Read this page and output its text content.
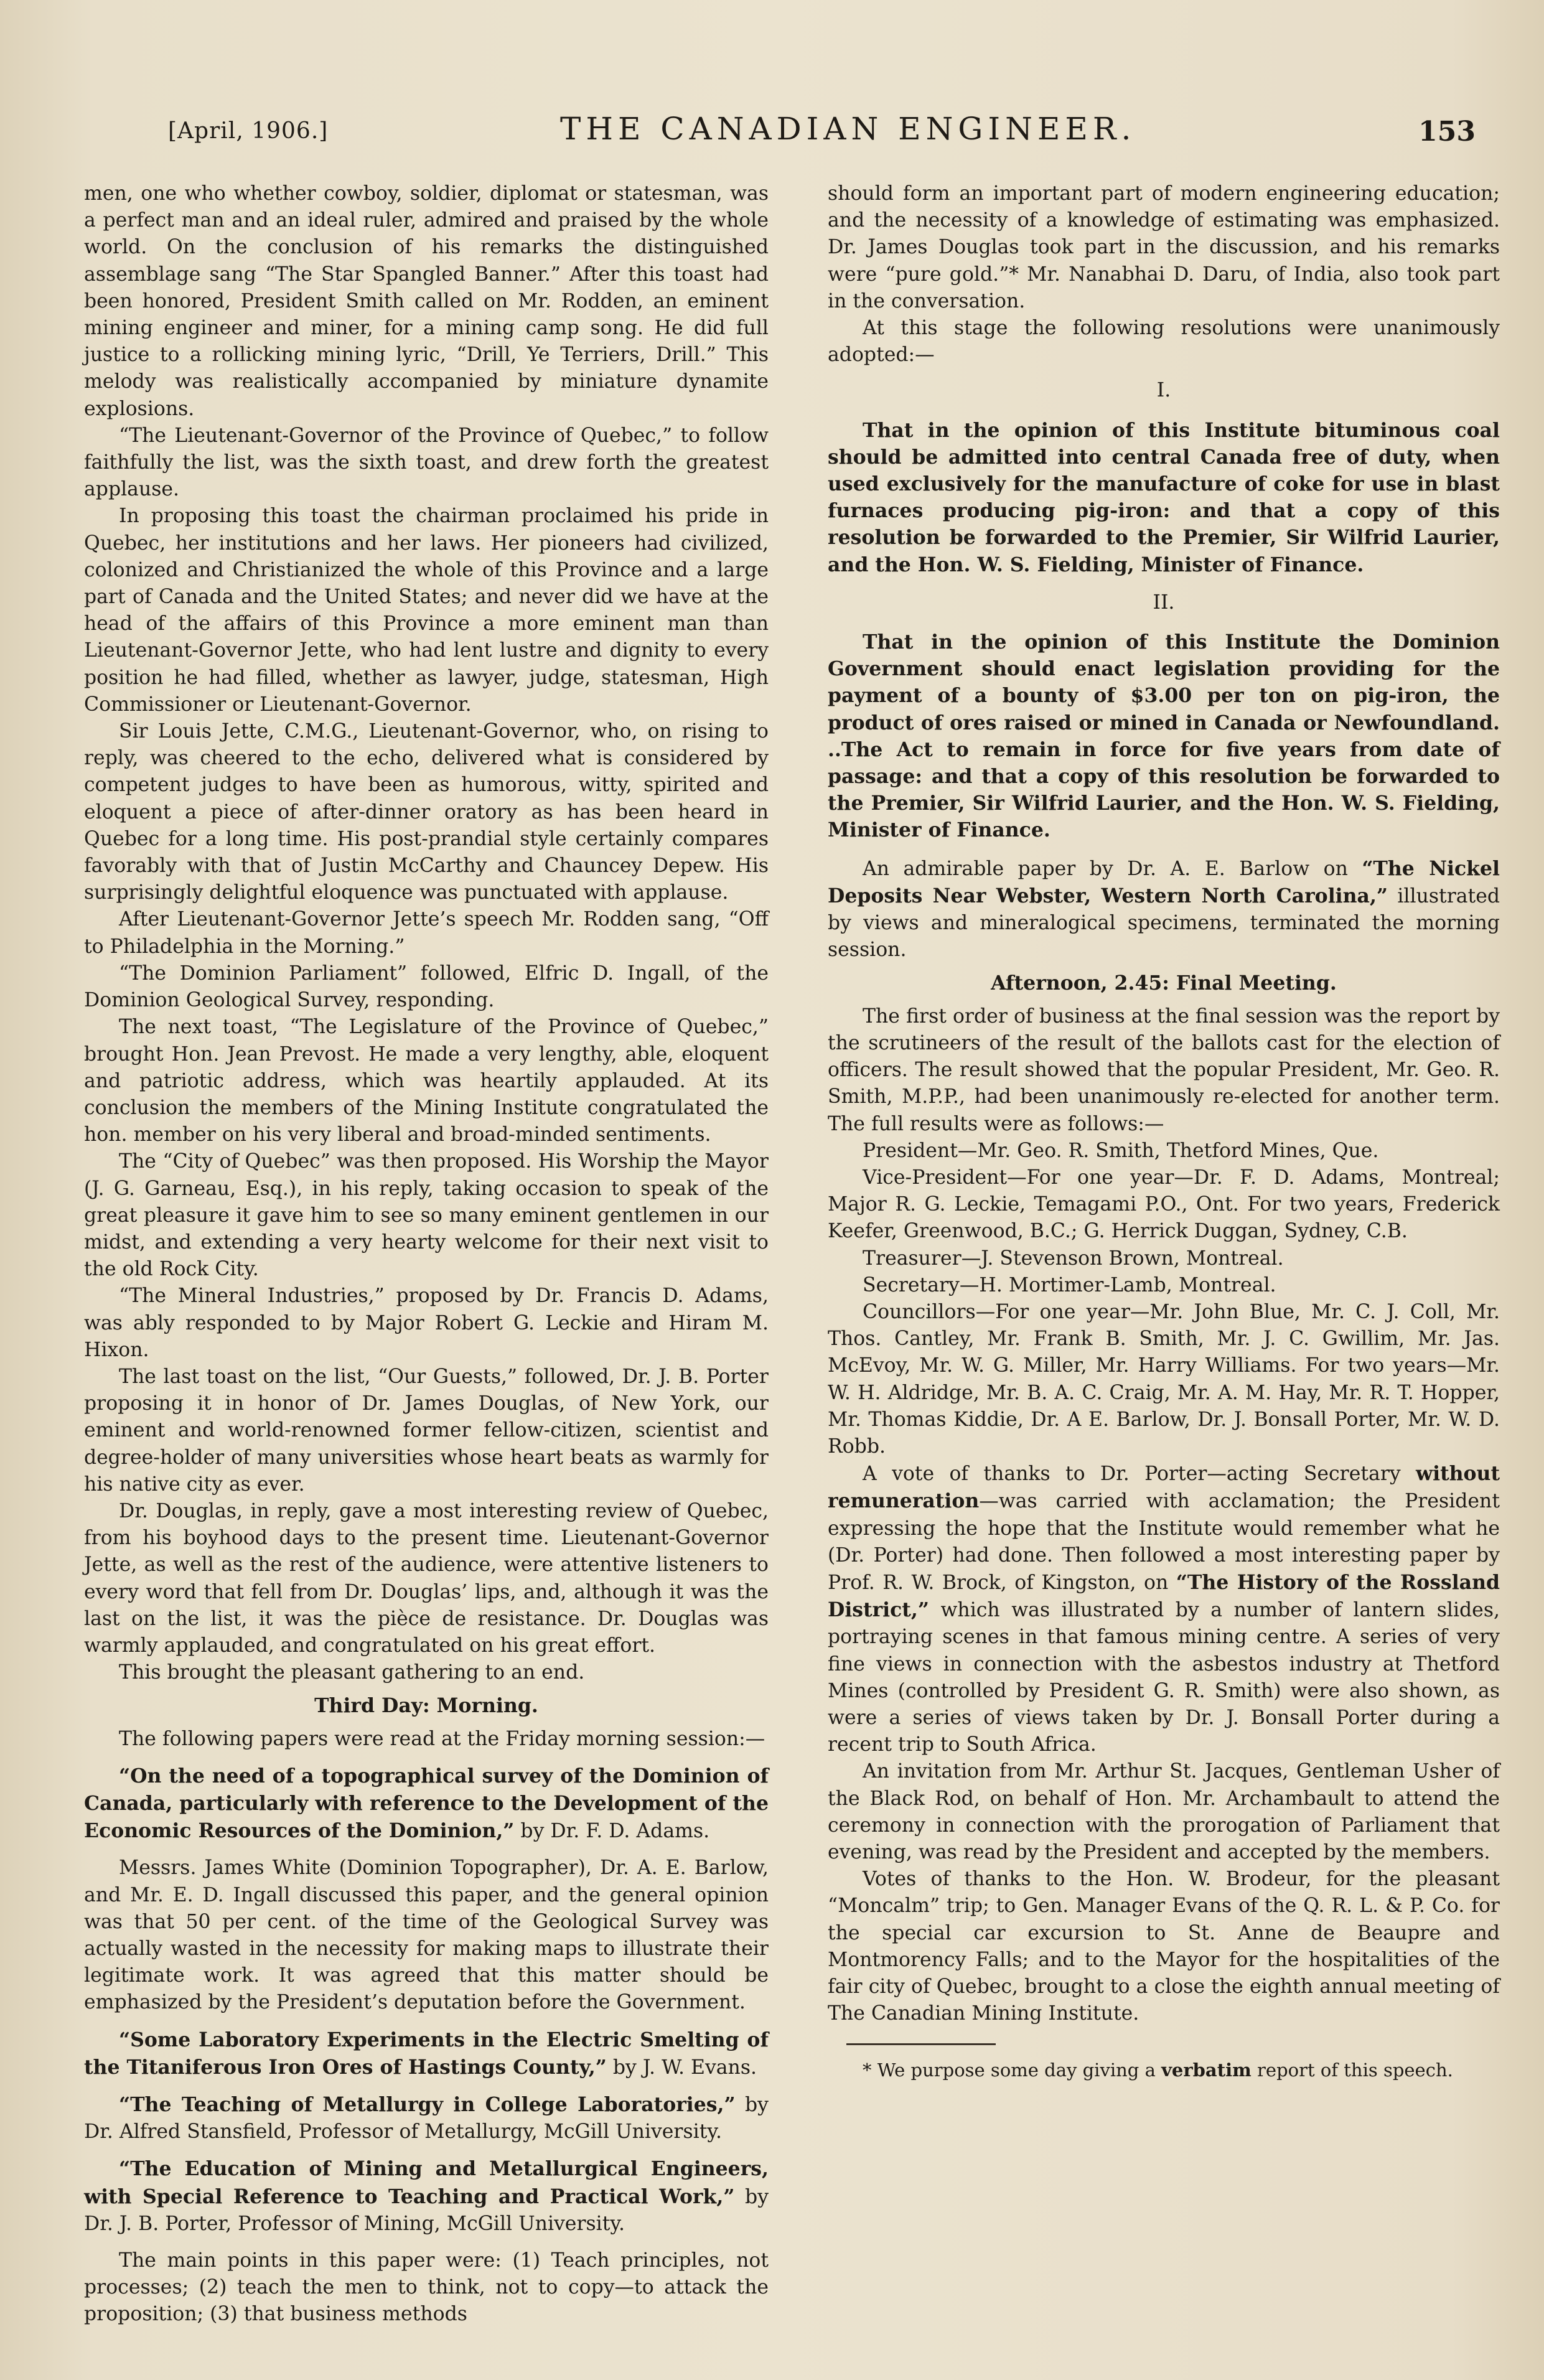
[April, 1906.]	THE CANADIAN ENGINEER.	153

men, one who whether cowboy, soldier, diplomat or statesman, was a perfect man and an ideal ruler, admired and praised by the whole world. On the conclusion of his remarks the distinguished assemblage sang “The Star Spangled Banner.” After this toast had been honored, President Smith called on Mr. Rodden, an eminent mining engineer and miner, for a mining camp song. He did full justice to a rollicking mining lyric, “Drill, Ye Terriers, Drill.” This melody was realistically accompanied by miniature dynamite explosions.

“The Lieutenant-Governor of the Province of Quebec,” to follow faithfully the list, was the sixth toast, and drew forth the greatest applause.

In proposing this toast the chairman proclaimed his pride in Quebec, her institutions and her laws. Her pioneers had civilized, colonized and Christianized the whole of this Province and a large part of Canada and the United States; and never did we have at the head of the affairs of this Province a more eminent man than Lieutenant-Governor Jette, who had lent lustre and dignity to every position he had filled, whether as lawyer, judge, statesman, High Commissioner or Lieutenant-Governor.

Sir Louis Jette, C.M.G., Lieutenant-Governor, who, on rising to reply, was cheered to the echo, delivered what is considered by competent judges to have been as humorous, witty, spirited and eloquent a piece of after-dinner oratory as has been heard in Quebec for a long time. His post-prandial style certainly compares favorably with that of Justin McCarthy and Chauncey Depew. His surprisingly delightful eloquence was punctuated with applause.

After Lieutenant-Governor Jette’s speech Mr. Rodden sang, “Off to Philadelphia in the Morning.”

“The Dominion Parliament” followed, Elfric D. Ingall, of the Dominion Geological Survey, responding.

The next toast, “The Legislature of the Province of Quebec,” brought Hon. Jean Prevost. He made a very lengthy, able, eloquent and patriotic address, which was heartily applauded. At its conclusion the members of the Mining Institute congratulated the hon. member on his very liberal and broad-minded sentiments.

The “City of Quebec” was then proposed. His Worship the Mayor (J. G. Garneau, Esq.), in his reply, taking occasion to speak of the great pleasure it gave him to see so many eminent gentlemen in our midst, and extending a very hearty welcome for their next visit to the old Rock City.

“The Mineral Industries,” proposed by Dr. Francis D. Adams, was ably responded to by Major Robert G. Leckie and Hiram M. Hixon.

The last toast on the list, “Our Guests,” followed, Dr. J. B. Porter proposing it in honor of Dr. James Douglas, of New York, our eminent and world-renowned former fellow-citizen, scientist and degree-holder of many universities whose heart beats as warmly for his native city as ever.

Dr. Douglas, in reply, gave a most interesting review of Quebec, from his boyhood days to the present time. Lieutenant-Governor Jette, as well as the rest of the audience, were attentive listeners to every word that fell from Dr. Douglas’ lips, and, although it was the last on the list, it was the pièce de resistance. Dr. Douglas was warmly applauded, and congratulated on his great effort.

This brought the pleasant gathering to an end.

Third Day: Morning.

The following papers were read at the Friday morning session:—

“On the need of a topographical survey of the Dominion of Canada, particularly with reference to the Development of the Economic Resources of the Dominion,” by Dr. F. D. Adams.

Messrs. James White (Dominion Topographer), Dr. A. E. Barlow, and Mr. E. D. Ingall discussed this paper, and the general opinion was that 50 per cent. of the time of the Geological Survey was actually wasted in the necessity for making maps to illustrate their legitimate work. It was agreed that this matter should be emphasized by the President’s deputation before the Government.

“Some Laboratory Experiments in the Electric Smelting of the Titaniferous Iron Ores of Hastings County,” by J. W. Evans.

“The Teaching of Metallurgy in College Laboratories,” by Dr. Alfred Stansfield, Professor of Metallurgy, McGill University.

“The Education of Mining and Metallurgical Engineers, with Special Reference to Teaching and Practical Work,” by Dr. J. B. Porter, Professor of Mining, McGill University.

The main points in this paper were: (1) Teach principles, not processes; (2) teach the men to think, not to copy—to attack the proposition; (3) that business methods

should form an important part of modern engineering education; and the necessity of a knowledge of estimating was emphasized. Dr. James Douglas took part in the discussion, and his remarks were “pure gold.”* Mr. Nanabhai D. Daru, of India, also took part in the conversation.

At this stage the following resolutions were unanimously adopted:—

I.

That in the opinion of this Institute bituminous coal should be admitted into central Canada free of duty, when used exclusively for the manufacture of coke for use in blast furnaces producing pig-iron: and that a copy of this resolution be forwarded to the Premier, Sir Wilfrid Laurier, and the Hon. W. S. Fielding, Minister of Finance.

II.

That in the opinion of this Institute the Dominion Government should enact legislation providing for the payment of a bounty of $3.00 per ton on pig-iron, the product of ores raised or mined in Canada or Newfoundland. ..The Act to remain in force for five years from date of passage: and that a copy of this resolution be forwarded to the Premier, Sir Wilfrid Laurier, and the Hon. W. S. Fielding, Minister of Finance.

An admirable paper by Dr. A. E. Barlow on “The Nickel Deposits Near Webster, Western North Carolina,” illustrated by views and mineralogical specimens, terminated the morning session.

Afternoon, 2.45: Final Meeting.

The first order of business at the final session was the report by the scrutineers of the result of the ballots cast for the election of officers. The result showed that the popular President, Mr. Geo. R. Smith, M.P.P., had been unanimously re-elected for another term. The full results were as follows:—

President—Mr. Geo. R. Smith, Thetford Mines, Que.

Vice-President—For one year—Dr. F. D. Adams, Montreal; Major R. G. Leckie, Temagami P.O., Ont. For two years, Frederick Keefer, Greenwood, B.C.; G. Herrick Duggan, Sydney, C.B.

Treasurer—J. Stevenson Brown, Montreal.

Secretary—H. Mortimer-Lamb, Montreal.

Councillors—For one year—Mr. John Blue, Mr. C. J. Coll, Mr. Thos. Cantley, Mr. Frank B. Smith, Mr. J. C. Gwillim, Mr. Jas. McEvoy, Mr. W. G. Miller, Mr. Harry Williams. For two years—Mr. W. H. Aldridge, Mr. B. A. C. Craig, Mr. A. M. Hay, Mr. R. T. Hopper, Mr. Thomas Kiddie, Dr. A E. Barlow, Dr. J. Bonsall Porter, Mr. W. D. Robb.

A vote of thanks to Dr. Porter—acting Secretary without remuneration—was carried with acclamation; the President expressing the hope that the Institute would remember what he (Dr. Porter) had done. Then followed a most interesting paper by Prof. R. W. Brock, of Kingston, on “The History of the Rossland District,” which was illustrated by a number of lantern slides, portraying scenes in that famous mining centre. A series of very fine views in connection with the asbestos industry at Thetford Mines (controlled by President G. R. Smith) were also shown, as were a series of views taken by Dr. J. Bonsall Porter during a recent trip to South Africa.

An invitation from Mr. Arthur St. Jacques, Gentleman Usher of the Black Rod, on behalf of Hon. Mr. Archambault to attend the ceremony in connection with the prorogation of Parliament that evening, was read by the President and accepted by the members.

Votes of thanks to the Hon. W. Brodeur, for the pleasant “Moncalm” trip; to Gen. Manager Evans of the Q. R. L. & P. Co. for the special car excursion to St. Anne de Beaupre and Montmorency Falls; and to the Mayor for the hospitalities of the fair city of Quebec, brought to a close the eighth annual meeting of The Canadian Mining Institute.

* We purpose some day giving a verbatim report of this speech.
